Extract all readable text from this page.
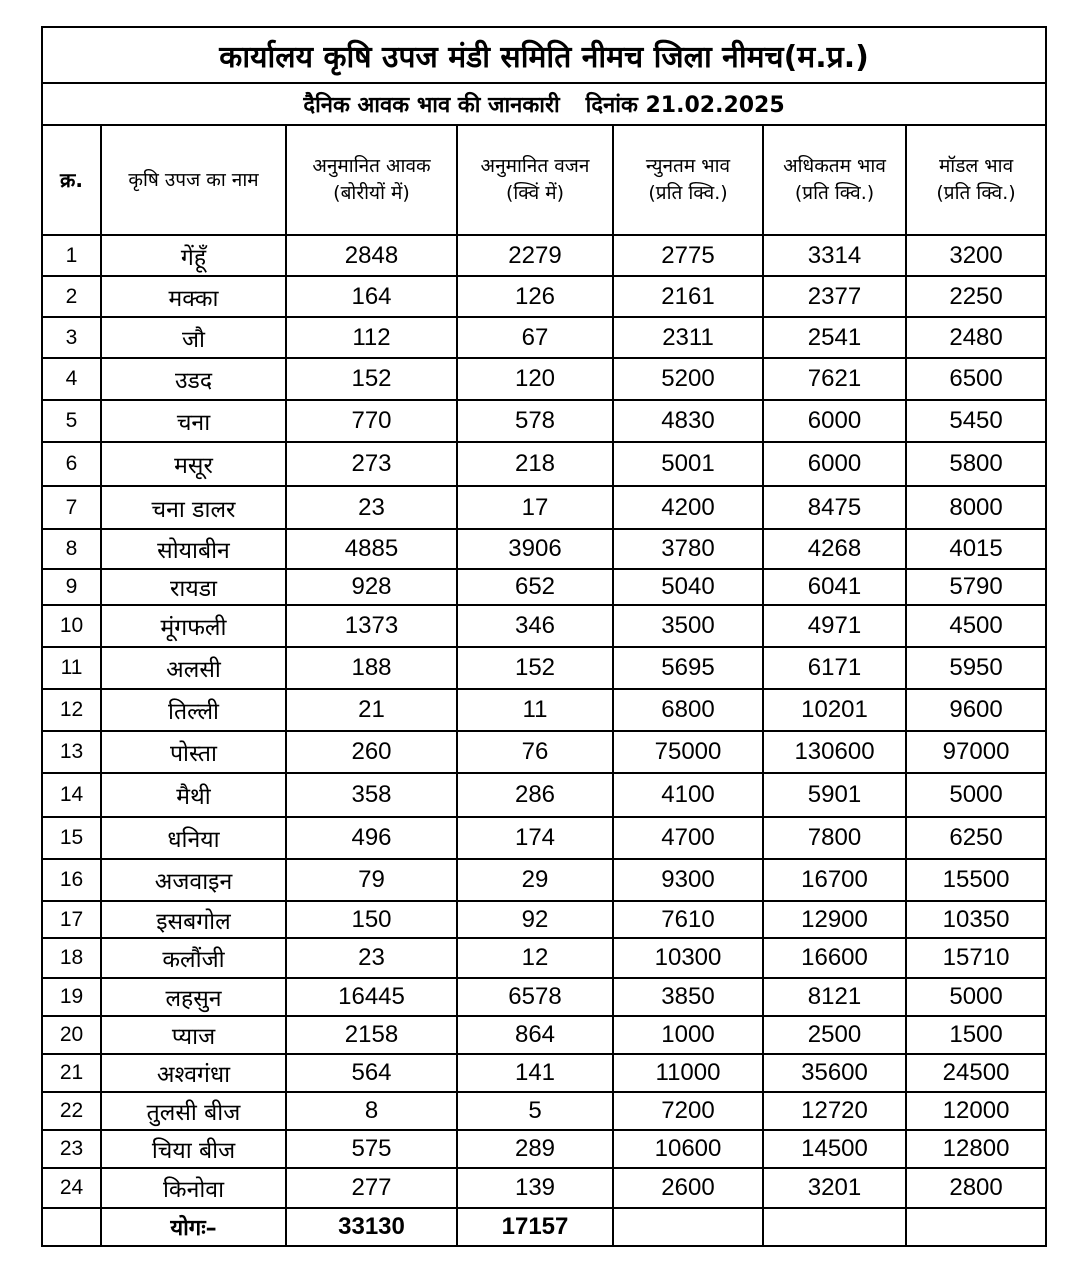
कार्यालय कृषि उपज मंडी समिति नीमच जिला नीमच(म.प्र.)						
दैनिक आवक भाव की जानकारी दिनांक 21.02.2025						
क्र.	कृषि उपज का नाम	अनुमानित आवक (बोरीयों में)	अनुमानित वजन (क्विं में)	न्युनतम भाव (प्रति क्वि.)	अधिकतम भाव (प्रति क्वि.)	मॉडल भाव (प्रति क्वि.)
1	गेंहूँ	2848	2279	2775	3314	3200
2	मक्का	164	126	2161	2377	2250
3	जौ	112	67	2311	2541	2480
4	उडद	152	120	5200	7621	6500
5	चना	770	578	4830	6000	5450
6	मसूर	273	218	5001	6000	5800
7	चना डालर	23	17	4200	8475	8000
8	सोयाबीन	4885	3906	3780	4268	4015
9	रायडा	928	652	5040	6041	5790
10	मूंगफली	1373	346	3500	4971	4500
11	अलसी	188	152	5695	6171	5950
12	तिल्ली	21	11	6800	10201	9600
13	पोस्ता	260	76	75000	130600	97000
14	मैथी	358	286	4100	5901	5000
15	धनिया	496	174	4700	7800	6250
16	अजवाइन	79	29	9300	16700	15500
17	इसबगोल	150	92	7610	12900	10350
18	कलौंजी	23	12	10300	16600	15710
19	लहसुन	16445	6578	3850	8121	5000
20	प्याज	2158	864	1000	2500	1500
21	अश्वगंधा	564	141	11000	35600	24500
22	तुलसी बीज	8	5	7200	12720	12000
23	चिया बीज	575	289	10600	14500	12800
24	किनोवा	277	139	2600	3201	2800
	योगः–	33130	17157			
